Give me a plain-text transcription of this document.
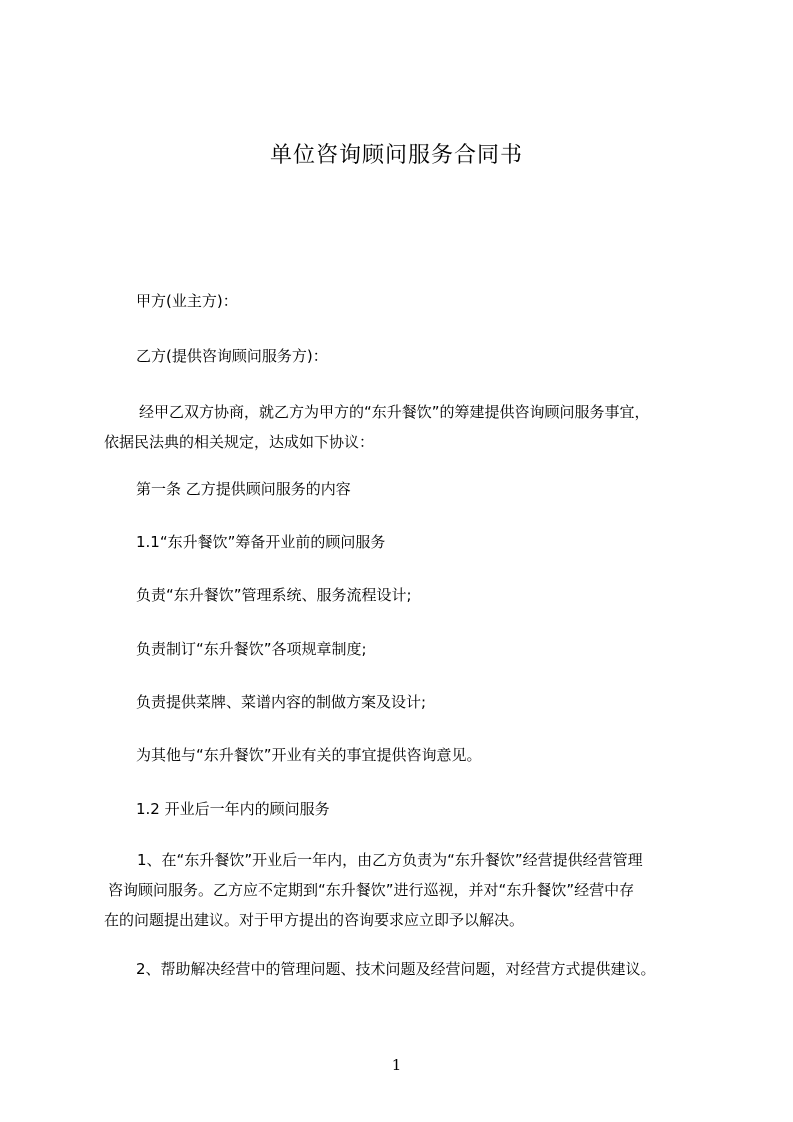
单位咨询顾问服务合同书
甲方(业主方)：
乙方(提供咨询顾问服务方)：
经甲乙双方协商，就乙方为甲方的“东升餐饮”的筹建提供咨询顾问服务事宜，
依据民法典的相关规定，达成如下协议：
第一条 乙方提供顾问服务的内容
1.1“东升餐饮”筹备开业前的顾问服务
负责“东升餐饮”管理系统、服务流程设计;
负责制订“东升餐饮”各项规章制度;
负责提供菜牌、菜谱内容的制做方案及设计;
为其他与“东升餐饮”开业有关的事宜提供咨询意见。
1.2 开业后一年内的顾问服务
1、在“东升餐饮”开业后一年内，由乙方负责为“东升餐饮”经营提供经营管理
咨询顾问服务。乙方应不定期到“东升餐饮”进行巡视，并对“东升餐饮”经营中存
在的问题提出建议。对于甲方提出的咨询要求应立即予以解决。
2、帮助解决经营中的管理问题、技术问题及经营问题，对经营方式提供建议。
1
